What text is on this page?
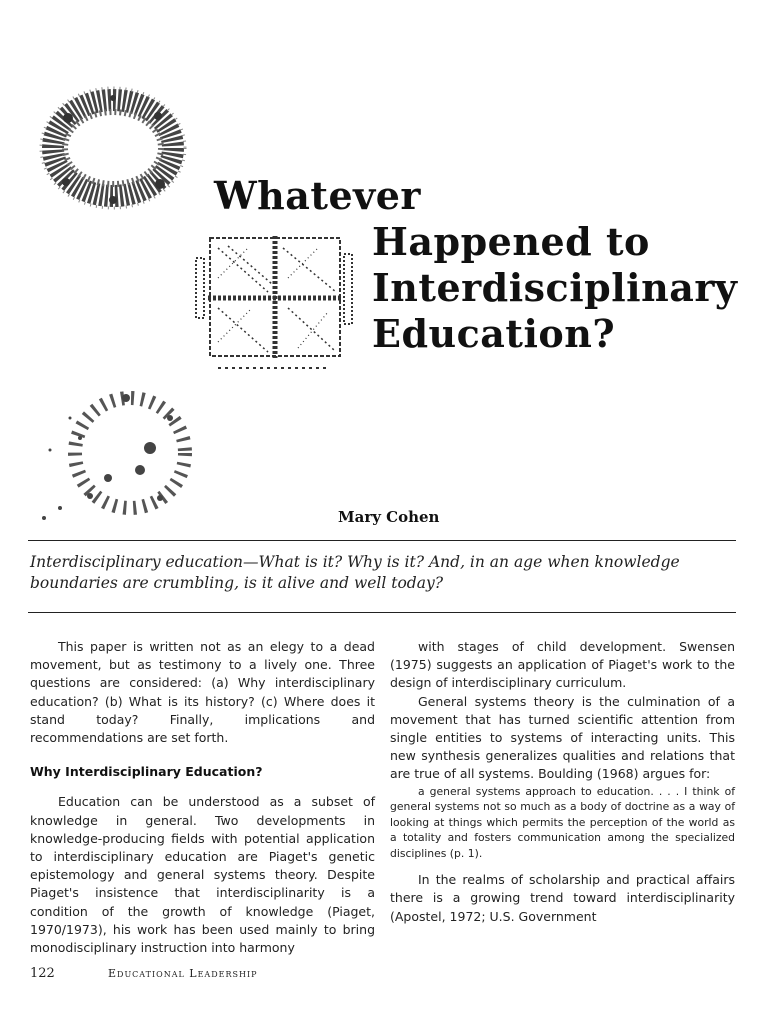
Whatever
Happened to
Interdisciplinary
Education?
Mary Cohen

Interdisciplinary education—What is it? Why is it? And, in an age when knowledge boundaries are crumbling, is it alive and well today?

This paper is written not as an elegy to a dead movement, but as testimony to a lively one. Three questions are considered: (a) Why interdisciplinary education? (b) What is its history? (c) Where does it stand today? Finally, implications and recommendations are set forth.

Why Interdisciplinary Education?

Education can be understood as a subset of knowledge in general. Two developments in knowledge-producing fields with potential application to interdisciplinary education are Piaget's genetic epistemology and general systems theory. Despite Piaget's insistence that interdisciplinarity is a condition of the growth of knowledge (Piaget, 1970/1973), his work has been used mainly to bring monodisciplinary instruction into harmony

with stages of child development. Swensen (1975) suggests an application of Piaget's work to the design of interdisciplinary curriculum.

General systems theory is the culmination of a movement that has turned scientific attention from single entities to systems of interacting units. This new synthesis generalizes qualities and relations that are true of all systems. Boulding (1968) argues for:

a general systems approach to education. . . . I think of general systems not so much as a body of doctrine as a way of looking at things which permits the perception of the world as a totality and fosters communication among the specialized disciplines (p. 1).

In the realms of scholarship and practical affairs there is a growing trend toward interdisciplinarity (Apostel, 1972; U.S. Government

122	Educational Leadership
